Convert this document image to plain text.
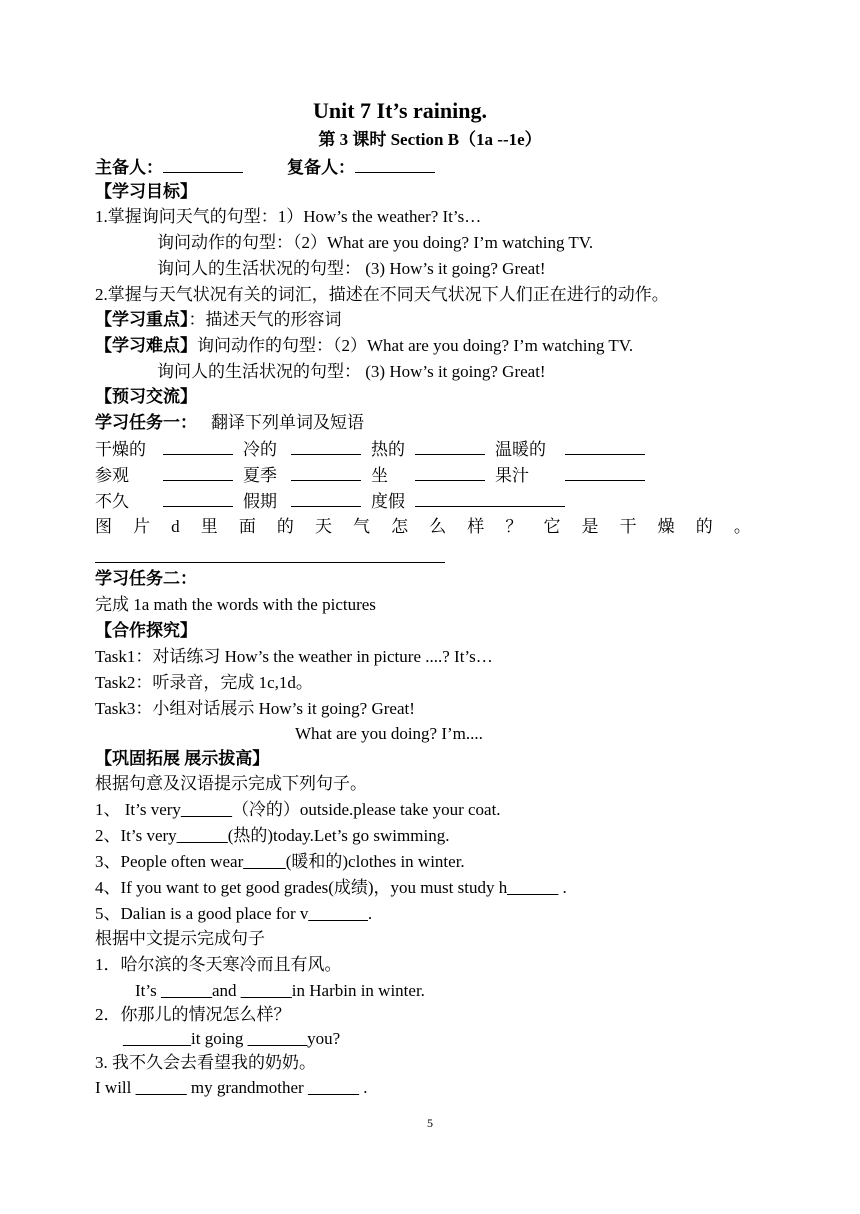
Unit 7 It’s raining.
第 3 课时 Section B（1a --1e）
主备人：	复备人：
【学习目标】
1.掌握询问天气的句型：1）How’s the weather? It’s…
询问动作的句型：（2）What are you doing? I’m watching TV.
询问人的生活状况的句型： (3) How’s it going? Great!
2.掌握与天气状况有关的词汇，描述在不同天气状况下人们正在进行的动作。
【学习重点】：描述天气的形容词
【学习难点】询问动作的句型：（2）What are you doing? I’m watching TV.
询问人的生活状况的句型： (3) How’s it going? Great!
【预习交流】
学习任务一： 翻译下列单词及短语
干燥的	冷的	热的	温暖的
参观	夏季	坐	果汁
不久	假期	度假
图 片 d 里 面 的 天 气 怎 么 样 ？ 它 是 干 燥 的 。
学习任务二：
完成 1a math the words with the pictures
【合作探究】
Task1：对话练习 How’s the weather in picture ....? It’s…
Task2：听录音，完成 1c,1d。
Task3：小组对话展示 How’s it going? Great!
What are you doing? I’m....
【巩固拓展 展示拔高】
根据句意及汉语提示完成下列句子。
1、 It’s very______（冷的）outside.please take your coat.
2、It’s very______(热的)today.Let’s go swimming.
3、People often wear_____(暖和的)clothes in winter.
4、If you want to get good grades(成绩)，you must study h______ .
5、Dalian is a good place for v_______.
根据中文提示完成句子
1．哈尔滨的冬天寒冷而且有风。
It’s ______and ______in Harbin in winter.
2．你那儿的情况怎么样？
________it going _______you?
3. 我不久会去看望我的奶奶。
I will ______ my grandmother ______ .
5
